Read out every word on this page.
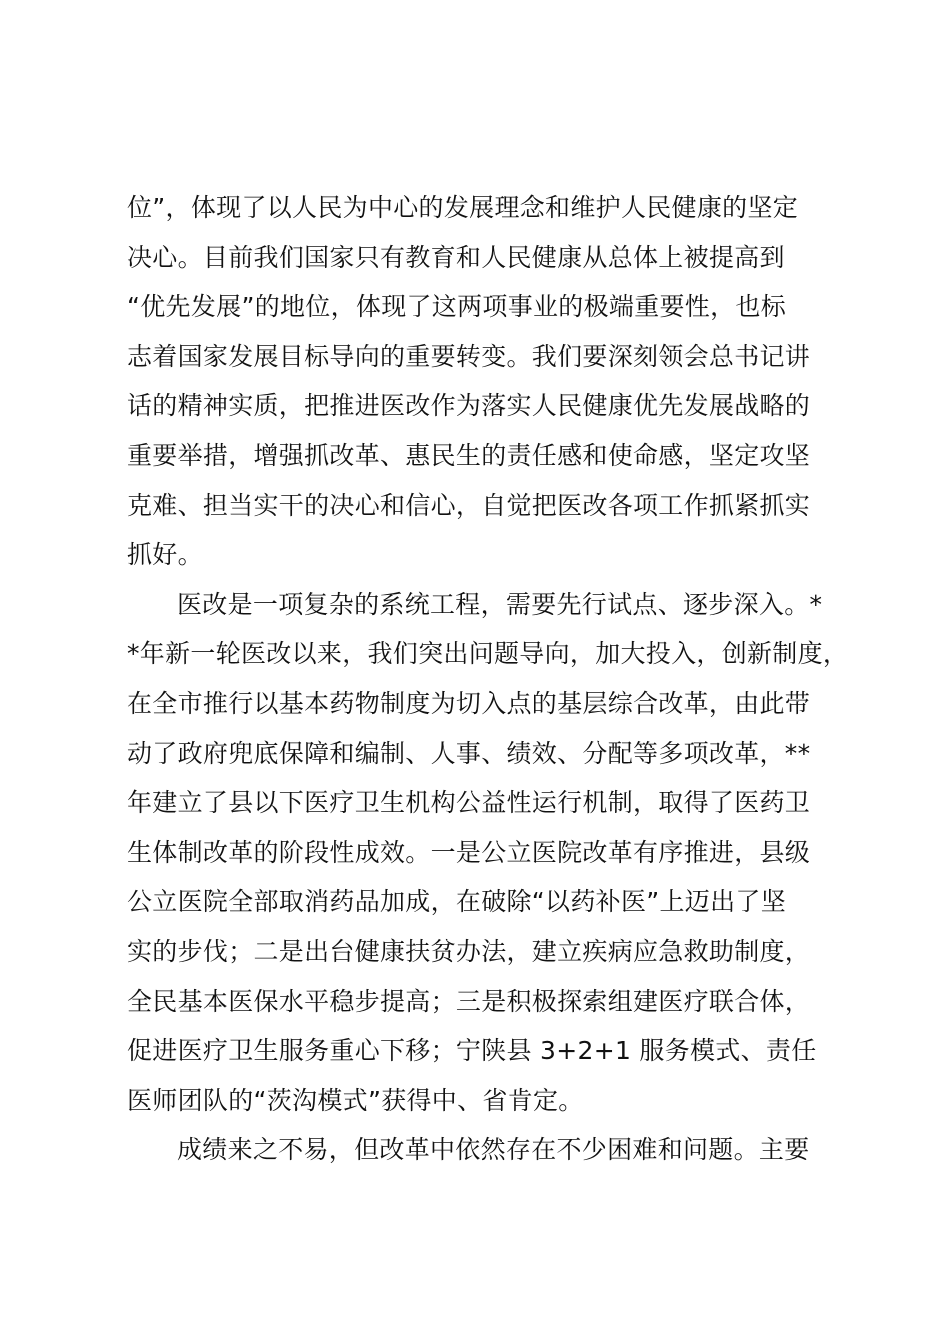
位”，体现了以人民为中心的发展理念和维护人民健康的坚定
决心。目前我们国家只有教育和人民健康从总体上被提高到
“优先发展”的地位，体现了这两项事业的极端重要性，也标
志着国家发展目标导向的重要转变。我们要深刻领会总书记讲
话的精神实质，把推进医改作为落实人民健康优先发展战略的
重要举措，增强抓改革、惠民生的责任感和使命感，坚定攻坚
克难、担当实干的决心和信心，自觉把医改各项工作抓紧抓实
抓好。
医改是一项复杂的系统工程，需要先行试点、逐步深入。*
*年新一轮医改以来，我们突出问题导向，加大投入，创新制度，
在全市推行以基本药物制度为切入点的基层综合改革，由此带
动了政府兜底保障和编制、人事、绩效、分配等多项改革，**
年建立了县以下医疗卫生机构公益性运行机制，取得了医药卫
生体制改革的阶段性成效。一是公立医院改革有序推进，县级
公立医院全部取消药品加成，在破除“以药补医”上迈出了坚
实的步伐；二是出台健康扶贫办法，建立疾病应急救助制度，
全民基本医保水平稳步提高；三是积极探索组建医疗联合体，
促进医疗卫生服务重心下移；宁陕县 3+2+1 服务模式、责任
医师团队的“茨沟模式”获得中、省肯定。
成绩来之不易，但改革中依然存在不少困难和问题。主要
